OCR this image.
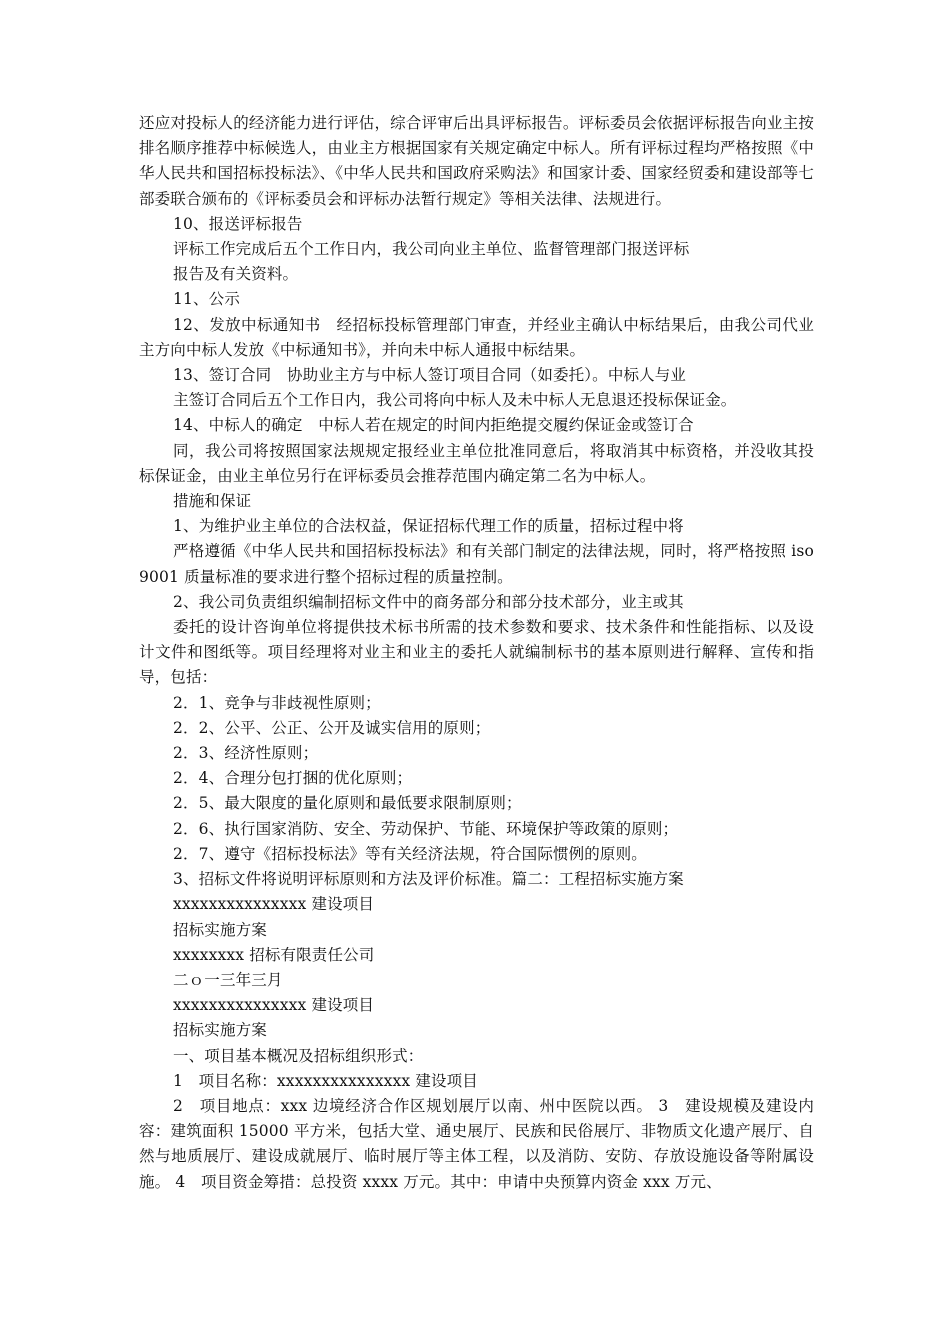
还应对投标人的经济能力进行评估，综合评审后出具评标报告。评标委员会依据评标报告向业主按排名顺序推荐中标候选人，由业主方根据国家有关规定确定中标人。所有评标过程均严格按照《中华人民共和国招标投标法》、《中华人民共和国政府采购法》和国家计委、国家经贸委和建设部等七部委联合颁布的《评标委员会和评标办法暂行规定》等相关法律、法规进行。

10、报送评标报告

评标工作完成后五个工作日内，我公司向业主单位、监督管理部门报送评标

报告及有关资料。

11、公示

12、发放中标通知书　经招标投标管理部门审查，并经业主确认中标结果后，由我公司代业主方向中标人发放《中标通知书》，并向未中标人通报中标结果。

13、签订合同　协助业主方与中标人签订项目合同（如委托）。中标人与业

主签订合同后五个工作日内，我公司将向中标人及未中标人无息退还投标保证金。

14、中标人的确定　中标人若在规定的时间内拒绝提交履约保证金或签订合

同，我公司将按照国家法规规定报经业主单位批准同意后，将取消其中标资格，并没收其投标保证金，由业主单位另行在评标委员会推荐范围内确定第二名为中标人。

措施和保证

1、为维护业主单位的合法权益，保证招标代理工作的质量，招标过程中将

严格遵循《中华人民共和国招标投标法》和有关部门制定的法律法规，同时，将严格按照 iso9001 质量标准的要求进行整个招标过程的质量控制。

2、我公司负责组织编制招标文件中的商务部分和部分技术部分，业主或其

委托的设计咨询单位将提供技术标书所需的技术参数和要求、技术条件和性能指标、以及设计文件和图纸等。项目经理将对业主和业主的委托人就编制标书的基本原则进行解释、宣传和指导，包括：

2．1、竞争与非歧视性原则；

2．2、公平、公正、公开及诚实信用的原则；

2．3、经济性原则；

2．4、合理分包打捆的优化原则；

2．5、最大限度的量化原则和最低要求限制原则；

2．6、执行国家消防、安全、劳动保护、节能、环境保护等政策的原则；

2．7、遵守《招标投标法》等有关经济法规，符合国际惯例的原则。

3、招标文件将说明评标原则和方法及评价标准。篇二：工程招标实施方案

xxxxxxxxxxxxxxx 建设项目

招标实施方案

xxxxxxxx 招标有限责任公司

二ｏ一三年三月

xxxxxxxxxxxxxxx 建设项目

招标实施方案

一、项目基本概况及招标组织形式：

1　项目名称：xxxxxxxxxxxxxxx 建设项目

2　项目地点：xxx 边境经济合作区规划展厅以南、州中医院以西。 3　建设规模及建设内容：建筑面积 15000 平方米，包括大堂、通史展厅、民族和民俗展厅、非物质文化遗产展厅、自然与地质展厅、建设成就展厅、临时展厅等主体工程，以及消防、安防、存放设施设备等附属设施。 4　项目资金筹措：总投资 xxxx 万元。其中：申请中央预算内资金 xxx 万元、
